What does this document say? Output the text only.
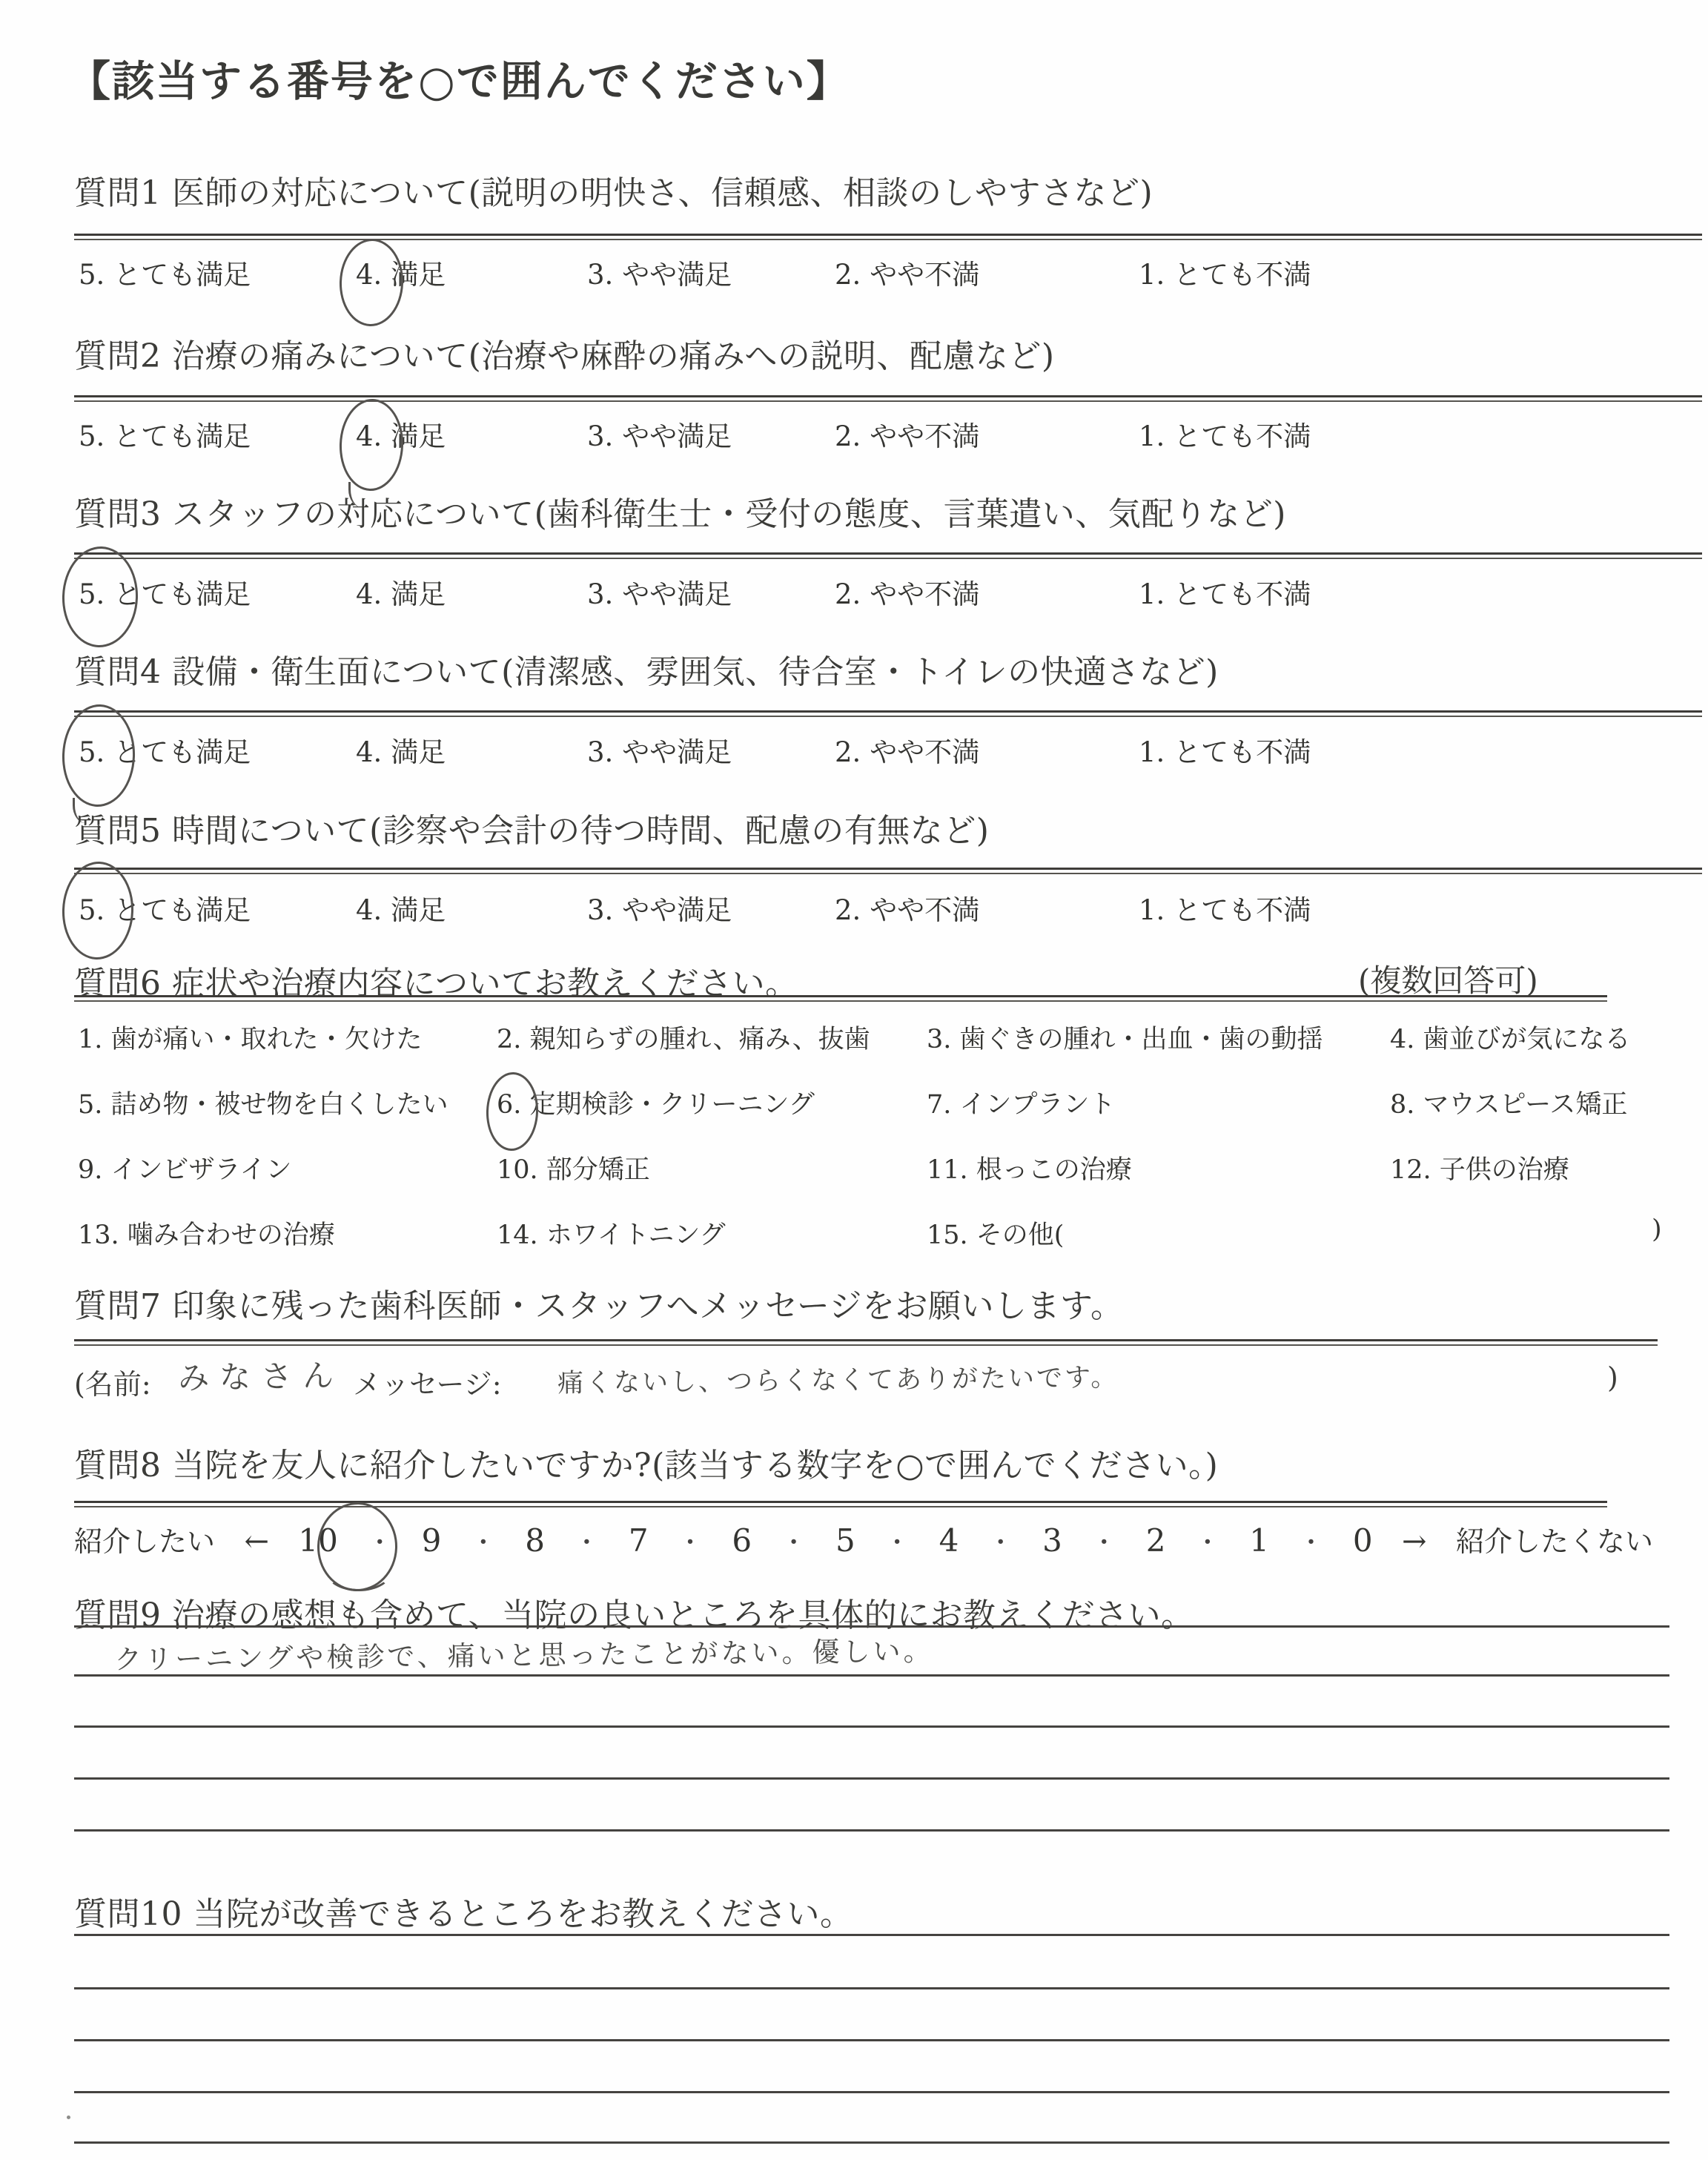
【該当する番号を○で囲んでください】
質問1 医師の対応について(説明の明快さ、信頼感、相談のしやすさなど)
5. とても満足	4. 満足	3. やや満足	2. やや不満	1. とても不満
質問2 治療の痛みについて(治療や麻酔の痛みへの説明、配慮など)
5. とても満足	4. 満足	3. やや満足	2. やや不満	1. とても不満
質問3 スタッフの対応について(歯科衛生士・受付の態度、言葉遣い、気配りなど)
5. とても満足	4. 満足	3. やや満足	2. やや不満	1. とても不満
質問4 設備・衛生面について(清潔感、雰囲気、待合室・トイレの快適さなど)
5. とても満足	4. 満足	3. やや満足	2. やや不満	1. とても不満
質問5 時間について(診察や会計の待つ時間、配慮の有無など)
5. とても満足	4. 満足	3. やや満足	2. やや不満	1. とても不満
質問6 症状や治療内容についてお教えください。	(複数回答可)
1. 歯が痛い・取れた・欠けた	2. 親知らずの腫れ、痛み、抜歯 3. 歯ぐきの腫れ・出血・歯の動揺	4. 歯並びが気になる
5. 詰め物・被せ物を白くしたい 6. 定期検診・クリーニング	7. インプラント	8. マウスピース矯正
9. インビザライン	10. 部分矯正	11. 根っこの治療	12. 子供の治療
13. 噛み合わせの治療	14. ホワイトニング	15. その他(	)
質問7 印象に残った歯科医師・スタッフへメッセージをお願いします。
(名前: みなさん メッセージ: 痛くないし、つらくなくてありがたいです。	)
質問8 当院を友人に紹介したいですか?(該当する数字を○で囲んでください。)
紹介したい ← 10 ・ 9 ・ 8 ・ 7 ・ 6 ・ 5 ・ 4 ・ 3 ・ 2 ・ 1 ・ 0 → 紹介したくない
質問9 治療の感想も含めて、当院の良いところを具体的にお教えください。
クリーニングや検診で、痛いと思ったことがない。優しい。
質問10 当院が改善できるところをお教えください。
